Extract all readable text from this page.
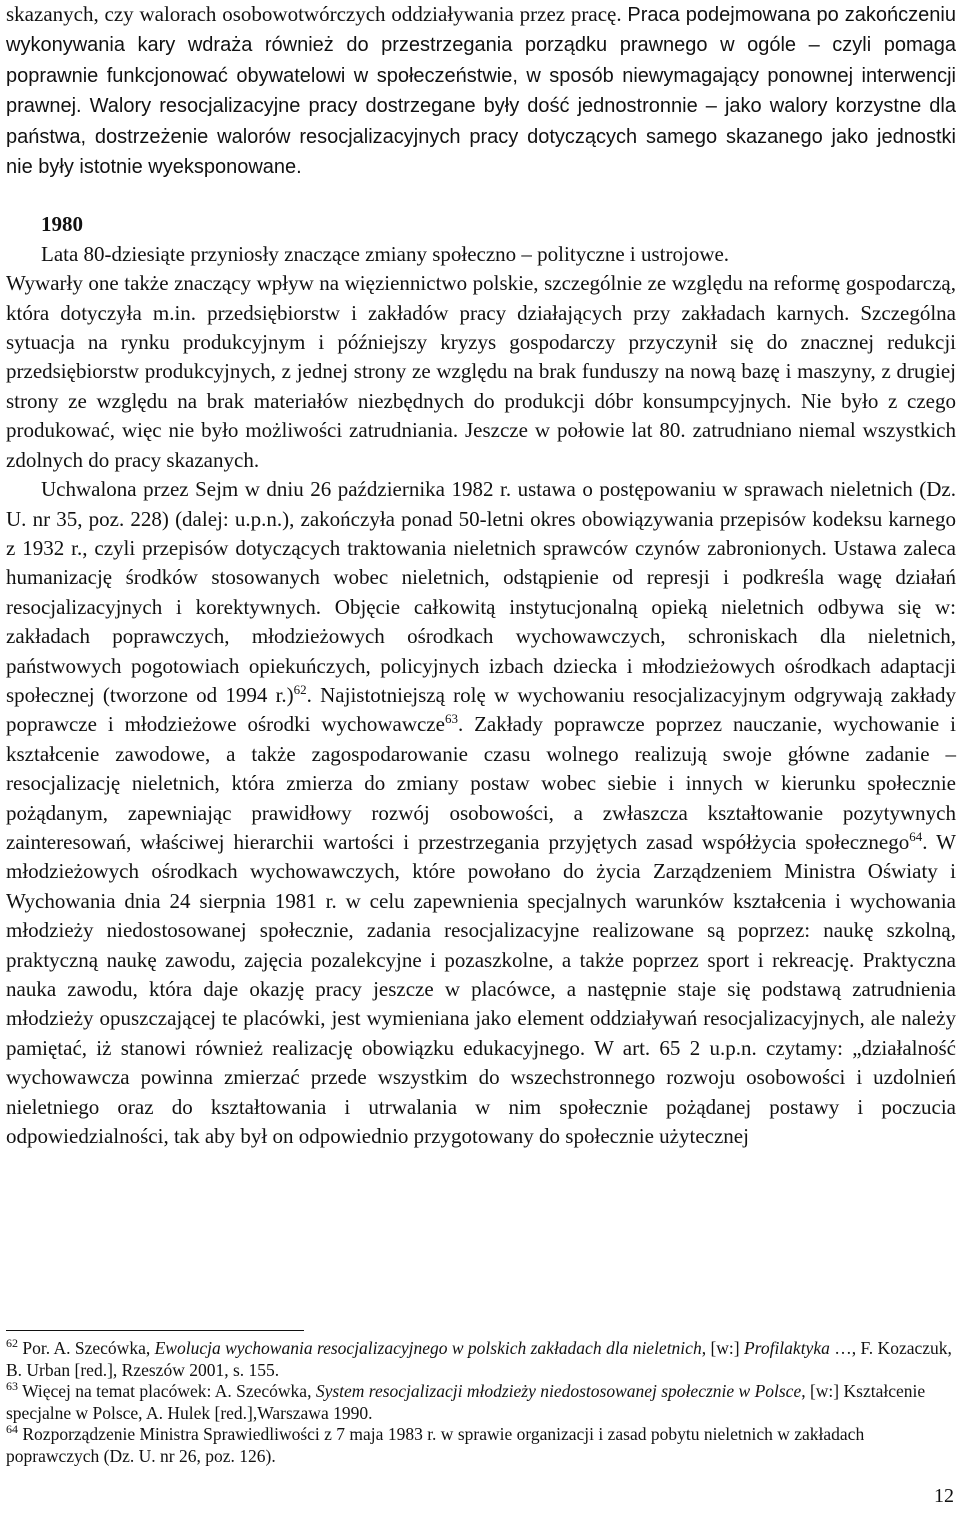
skazanych, czy walorach osobowotwórczych oddziaływania przez pracę. Praca podejmowana po zakończeniu wykonywania kary wdraża również do przestrzegania porządku prawnego w ogóle – czyli pomaga poprawnie funkcjonować obywatelowi w społeczeństwie, w sposób niewymagający ponownej interwencji prawnej. Walory resocjalizacyjne pracy dostrzegane były dość jednostronnie – jako walory korzystne dla państwa, dostrzeżenie walorów resocjalizacyjnych pracy dotyczących samego skazanego jako jednostki nie były istotnie wyeksponowane.

1980

Lata 80-dziesiąte przyniosły znaczące zmiany społeczno – polityczne i ustrojowe.

Wywarły one także znaczący wpływ na więziennictwo polskie, szczególnie ze względu na reformę gospodarczą, która dotyczyła m.in. przedsiębiorstw i zakładów pracy działających przy zakładach karnych. Szczególna sytuacja na rynku produkcyjnym i późniejszy kryzys gospodarczy przyczynił się do znacznej redukcji przedsiębiorstw produkcyjnych, z jednej strony ze względu na brak funduszy na nową bazę i maszyny, z drugiej strony ze względu na brak materiałów niezbędnych do produkcji dóbr konsumpcyjnych. Nie było z czego produkować, więc nie było możliwości zatrudniania. Jeszcze w połowie lat 80. zatrudniano niemal wszystkich zdolnych do pracy skazanych.

Uchwalona przez Sejm w dniu 26 października 1982 r. ustawa o postępowaniu w sprawach nieletnich (Dz. U. nr 35, poz. 228) (dalej: u.p.n.), zakończyła ponad 50-letni okres obowiązywania przepisów kodeksu karnego z 1932 r., czyli przepisów dotyczących traktowania nieletnich sprawców czynów zabronionych. Ustawa zaleca humanizację środków stosowanych wobec nieletnich, odstąpienie od represji i podkreśla wagę działań resocjalizacyjnych i korektywnych. Objęcie całkowitą instytucjonalną opieką nieletnich odbywa się w: zakładach poprawczych, młodzieżowych ośrodkach wychowawczych, schroniskach dla nieletnich, państwowych pogotowiach opiekuńczych, policyjnych izbach dziecka i młodzieżowych ośrodkach adaptacji społecznej (tworzone od 1994 r.)$^{62}$. Najistotniejszą rolę w wychowaniu resocjalizacyjnym odgrywają zakłady poprawcze i młodzieżowe ośrodki wychowawcze$^{63}$. Zakłady poprawcze poprzez nauczanie, wychowanie i kształcenie zawodowe, a także zagospodarowanie czasu wolnego realizują swoje główne zadanie – resocjalizację nieletnich, która zmierza do zmiany postaw wobec siebie i innych w kierunku społecznie pożądanym, zapewniając prawidłowy rozwój osobowości, a zwłaszcza kształtowanie pozytywnych zainteresowań, właściwej hierarchii wartości i przestrzegania przyjętych zasad współżycia społecznego$^{64}$. W młodzieżowych ośrodkach wychowawczych, które powołano do życia Zarządzeniem Ministra Oświaty i Wychowania dnia 24 sierpnia 1981 r. w celu zapewnienia specjalnych warunków kształcenia i wychowania młodzieży niedostosowanej społecznie, zadania resocjalizacyjne realizowane są poprzez: naukę szkolną, praktyczną naukę zawodu, zajęcia pozalekcyjne i pozaszkolne, a także poprzez sport i rekreację. Praktyczna nauka zawodu, która daje okazję pracy jeszcze w placówce, a następnie staje się podstawą zatrudnienia młodzieży opuszczającej te placówki, jest wymieniana jako element oddziaływań resocjalizacyjnych, ale należy pamiętać, iż stanowi również realizację obowiązku edukacyjnego. W art. 65 2 u.p.n. czytamy: „działalność wychowawcza powinna zmierzać przede wszystkim do wszechstronnego rozwoju osobowości i uzdolnień nieletniego oraz do kształtowania i utrwalania w nim społecznie pożądanej postawy i poczucia odpowiedzialności, tak aby był on odpowiednio przygotowany do społecznie użytecznej

$^{62}$ Por. A. Szecówka, Ewolucja wychowania resocjalizacyjnego w polskich zakładach dla nieletnich, [w:] Profilaktyka …, F. Kozaczuk, B. Urban [red.], Rzeszów 2001, s. 155.

$^{63}$ Więcej na temat placówek: A. Szecówka, System resocjalizacji młodzieży niedostosowanej społecznie w Polsce, [w:] Kształcenie specjalne w Polsce, A. Hulek [red.],Warszawa 1990.

$^{64}$ Rozporządzenie Ministra Sprawiedliwości z 7 maja 1983 r. w sprawie organizacji i zasad pobytu nieletnich w zakładach poprawczych (Dz. U. nr 26, poz. 126).

12
